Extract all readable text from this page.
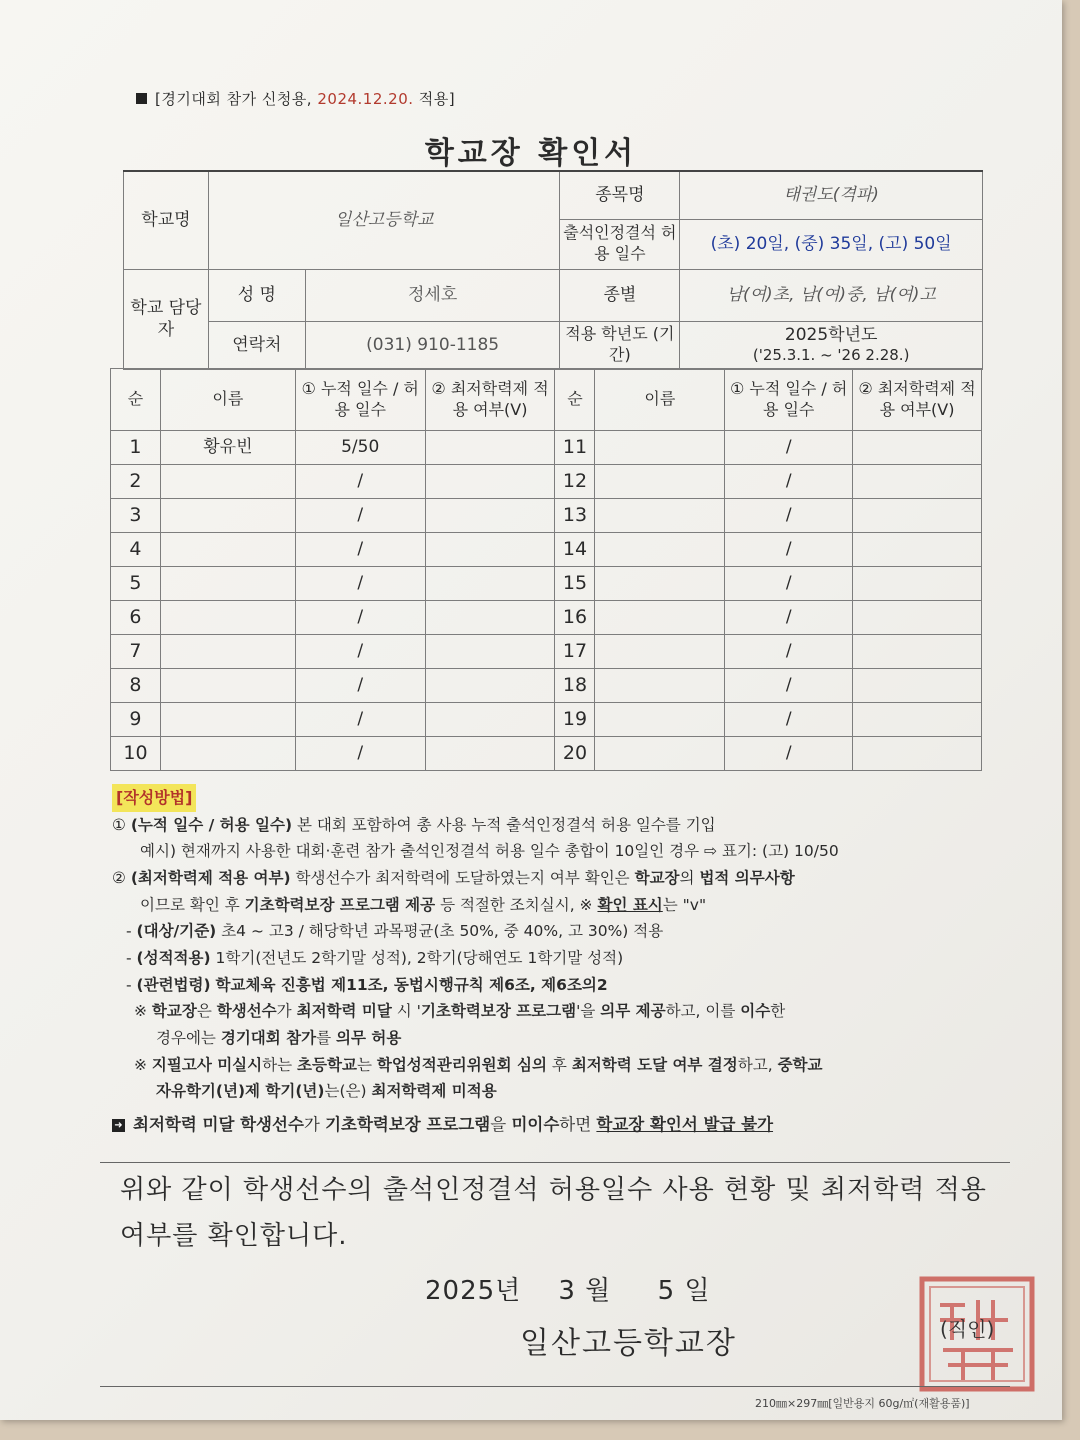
[경기대회 참가 신청용, 2024.12.20. 적용]
학교장 확인서
학교명	일산고등학교		종목명	태권도(격파)
			출석인정결석 허용 일수	(초) 20일, (중) 35일, (고) 50일
학교 담당자	성 명	정세호	종별	남(여)초, 남(여)중, 남(여)고
	연락처	(031) 910-1185	적용 학년도 (기간)	2025학년도
('25.3.1. ~ '26 2.28.)
순	이름	① 누적 일수 / 허용 일수	② 최저학력제 적용 여부(V)	순	이름	① 누적 일수 / 허용 일수	② 최저학력제 적용 여부(V)
1	황유빈	5/50		11		/	
2		/		12		/	
3		/		13		/	
4		/		14		/	
5		/		15		/	
6		/		16		/	
7		/		17		/	
8		/		18		/	
9		/		19		/	
10		/		20		/	
[작성방법]
① (누적 일수 / 허용 일수) 본 대회 포함하여 총 사용 누적 출석인정결석 허용 일수를 기입
예시) 현재까지 사용한 대회·훈련 참가 출석인정결석 허용 일수 총합이 10일인 경우 ⇨ 표기: (고) 10/50
② (최저학력제 적용 여부) 학생선수가 최저학력에 도달하였는지 여부 확인은 학교장의 법적 의무사항
이므로 확인 후 기초학력보장 프로그램 제공 등 적절한 조치실시, ※ 확인 표시는 "v"
- (대상/기준) 초4 ~ 고3 / 해당학년 과목평균(초 50%, 중 40%, 고 30%) 적용
- (성적적용) 1학기(전년도 2학기말 성적), 2학기(당해연도 1학기말 성적)
- (관련법령) 학교체육 진흥법 제11조, 동법시행규칙 제6조, 제6조의2
※ 학교장은 학생선수가 최저학력 미달 시 '기초학력보장 프로그램'을 의무 제공하고, 이를 이수한
경우에는 경기대회 참가를 의무 허용
※ 지필고사 미실시하는 초등학교는 학업성적관리위원회 심의 후 최저학력 도달 여부 결정하고, 중학교
자유학기(년)제 학기(년)는(은) 최저학력제 미적용
➜ 최저학력 미달 학생선수가 기초학력보장 프로그램을 미이수하면 학교장 확인서 발급 불가
위와 같이 학생선수의 출석인정결석 허용일수 사용 현황 및 최저학력 적용 여부를 확인합니다.
2025년 3 월 5 일
일산고등학교장	(직인)
210㎜×297㎜[일반용지 60g/㎡(재활용품)]
